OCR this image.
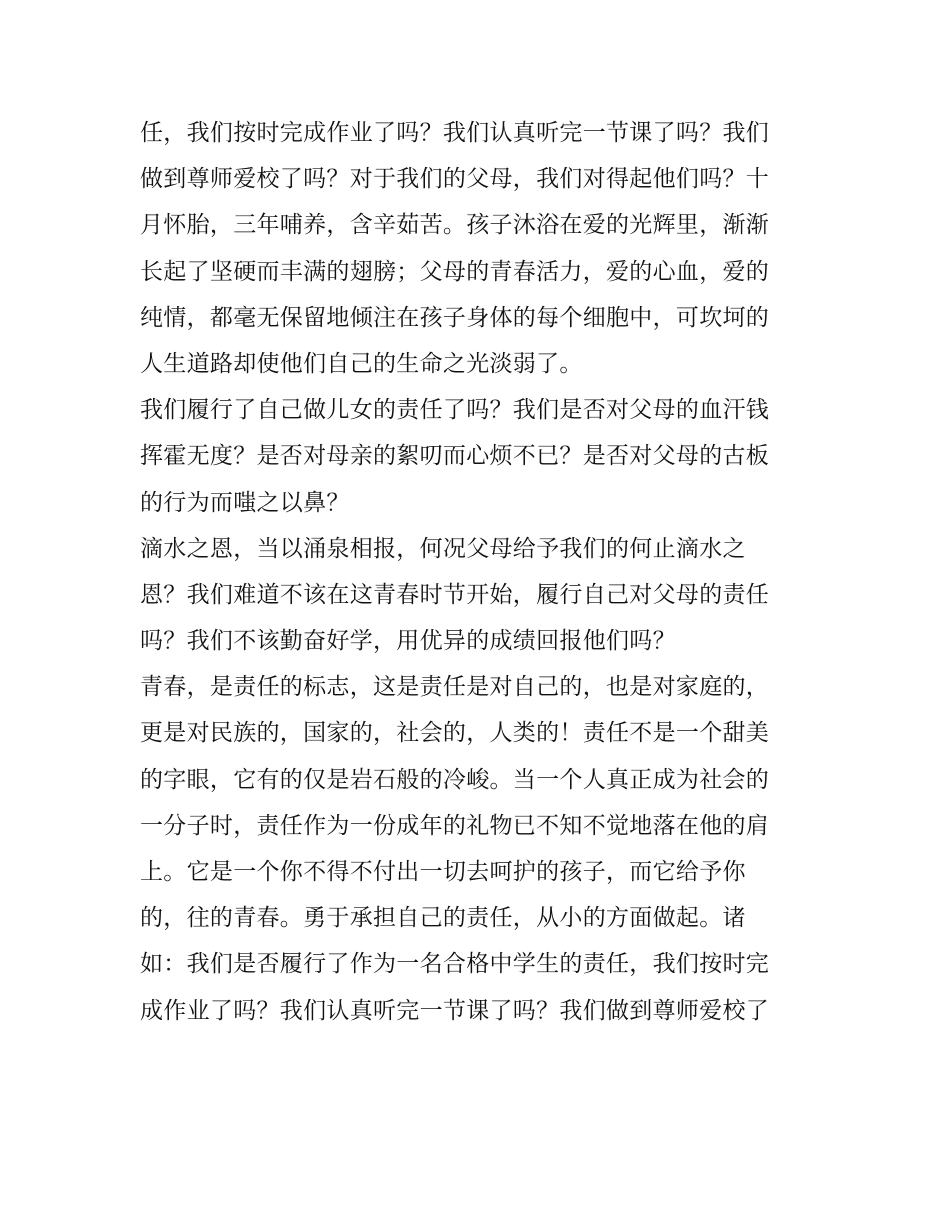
任，我们按时完成作业了吗？我们认真听完一节课了吗？我们
做到尊师爱校了吗？对于我们的父母，我们对得起他们吗？十
月怀胎，三年哺养，含辛茹苦。孩子沐浴在爱的光辉里，渐渐
长起了坚硬而丰满的翅膀；父母的青春活力，爱的心血，爱的
纯情，都毫无保留地倾注在孩子身体的每个细胞中，可坎坷的
人生道路却使他们自己的生命之光淡弱了。
我们履行了自己做儿女的责任了吗？我们是否对父母的血汗钱
挥霍无度？是否对母亲的絮叨而心烦不已？是否对父母的古板
的行为而嗤之以鼻？
滴水之恩，当以涌泉相报，何况父母给予我们的何止滴水之
恩？我们难道不该在这青春时节开始，履行自己对父母的责任
吗？我们不该勤奋好学，用优异的成绩回报他们吗？
青春，是责任的标志，这是责任是对自己的，也是对家庭的，
更是对民族的，国家的，社会的，人类的！责任不是一个甜美
的字眼，它有的仅是岩石般的冷峻。当一个人真正成为社会的
一分子时，责任作为一份成年的礼物已不知不觉地落在他的肩
上。它是一个你不得不付出一切去呵护的孩子，而它给予你
的，往的青春。勇于承担自己的责任，从小的方面做起。诸
如：我们是否履行了作为一名合格中学生的责任，我们按时完
成作业了吗？我们认真听完一节课了吗？我们做到尊师爱校了
